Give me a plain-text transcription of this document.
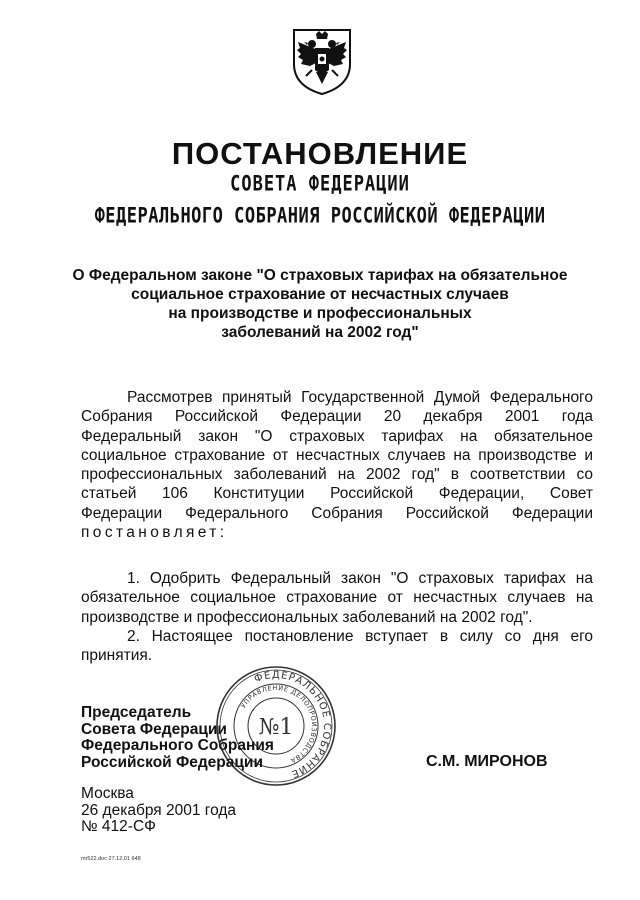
ПОСТАНОВЛЕНИЕ
СОВЕТА ФЕДЕРАЦИИ
ФЕДЕРАЛЬНОГО СОБРАНИЯ РОССИЙСКОЙ ФЕДЕРАЦИИ
О Федеральном законе "О страховых тарифах на обязательное
социальное страхование от несчастных случаев
на производстве и профессиональных
заболеваний на 2002 год"
Рассмотрев принятый Государственной Думой Федерального
Собрания Российской Федерации 20 декабря 2001 года
Федеральный закон "О страховых тарифах на обязательное
социальное страхование от несчастных случаев на производстве и
профессиональных заболеваний на 2002 год" в соответствии со
статьей 106 Конституции Российской Федерации, Совет
Федерации Федерального Собрания Российской Федерации
постановляет:
1. Одобрить Федеральный закон "О страховых тарифах на
обязательное социальное страхование от несчастных случаев на
производстве и профессиональных заболеваний на 2002 год".
2. Настоящее постановление вступает в силу со дня его
принятия.
Председатель
Совета Федерации
Федерального Собрания
Российской Федерации
ФЕДЕРАЛЬНОЕ СОБРАНИЕ
УПРАВЛЕНИЕ ДЕЛОПРОИЗВОДСТВА
№1
С.М. МИРОНОВ
Москва
26 декабря 2001 года
№ 412-СФ
mr522.doc 27.12.01 648
